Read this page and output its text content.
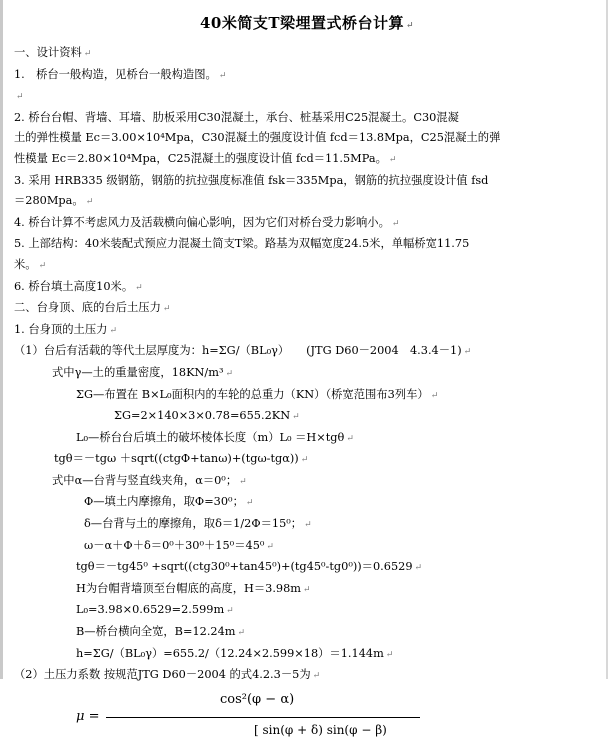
40米简支T梁埋置式桥台计算 ↵
一、设计资料 ↵
1.　桥台一般构造，见桥台一般构造图。 ↵
↵
2. 桥台台帽、背墙、耳墙、肋板采用C30混凝土，承台、桩基采用C25混凝土。C30混凝
土的弹性模量 Ec＝3.00×10⁴Mpa，C30混凝土的强度设计值 fcd＝13.8Mpa，C25混凝土的弹
性模量 Ec＝2.80×10⁴Mpa，C25混凝土的强度设计值 fcd＝11.5MPa。 ↵
3. 采用 HRB335 级钢筋，钢筋的抗拉强度标准值 fsk＝335Mpa，钢筋的抗拉强度设计值 fsd
＝280Mpa。 ↵
4. 桥台计算不考虑风力及活载横向偏心影响，因为它们对桥台受力影响小。 ↵
5. 上部结构：40米装配式预应力混凝土简支T梁。路基为双幅宽度24.5米，单幅桥宽11.75
米。 ↵
6. 桥台填土高度10米。 ↵
二、台身顶、底的台后土压力 ↵
1. 台身顶的土压力 ↵
（1）台后有活载的等代土层厚度为：h=ΣG/（BL₀γ）　　(JTG D60－2004　4.3.4－1) ↵
式中γ—土的重量密度，18KN/m³ ↵
ΣG—布置在 B×L₀面积内的车轮的总重力（KN）（桥宽范围布3列车） ↵
ΣG=2×140×3×0.78=655.2KN ↵
L₀—桥台台后填土的破坏棱体长度（m）L₀ ＝H×tgθ ↵
tgθ＝－tgω ＋sqrt((ctgΦ+tanω)+(tgω-tgα)) ↵
式中α—台背与竖直线夹角，α＝0⁰； ↵
Φ—填土内摩擦角，取Φ=30⁰； ↵
δ—台背与土的摩擦角，取δ＝1/2Φ＝15⁰； ↵
ω－α＋Φ＋δ＝0⁰＋30⁰＋15⁰＝45⁰ ↵
tgθ＝－tg45⁰ +sqrt((ctg30⁰+tan45⁰)+(tg45⁰-tg0⁰))＝0.6529 ↵
H为台帽背墙顶至台帽底的高度，H＝3.98m ↵
L₀=3.98×0.6529=2.599m ↵
B—桥台横向全宽，B=12.24m ↵
h=ΣG/（BL₀γ）=655.2/（12.24×2.599×18）＝1.144m ↵
（2）土压力系数 按规范JTG D60－2004 的式4.2.3－5为 ↵
μ =
cos²(φ − α)
[ sin(φ + δ) sin(φ − β)
